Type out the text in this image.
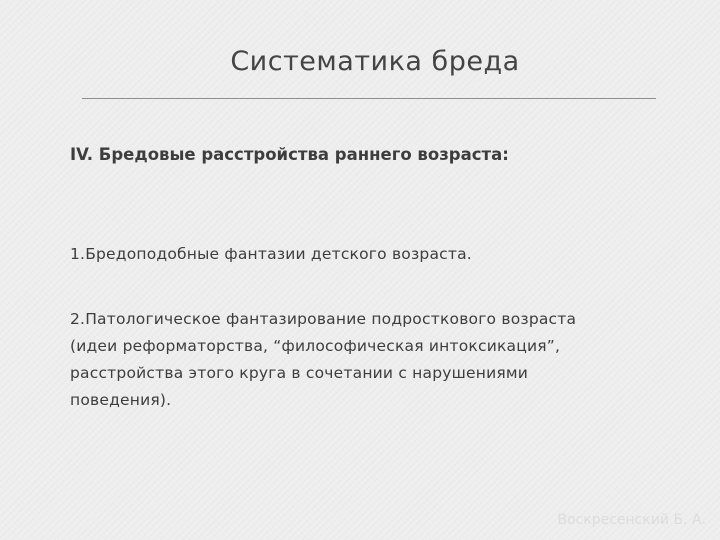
Систематика бреда
IV. Бредовые расстройства раннего возраста:
1.Бредоподобные фантазии детского возраста.
2.Патологическое фантазирование подросткового возраста
(идеи реформаторства, “философическая интоксикация”,
расстройства этого круга в сочетании с нарушениями
поведения).
Воскресенский Б. А.
